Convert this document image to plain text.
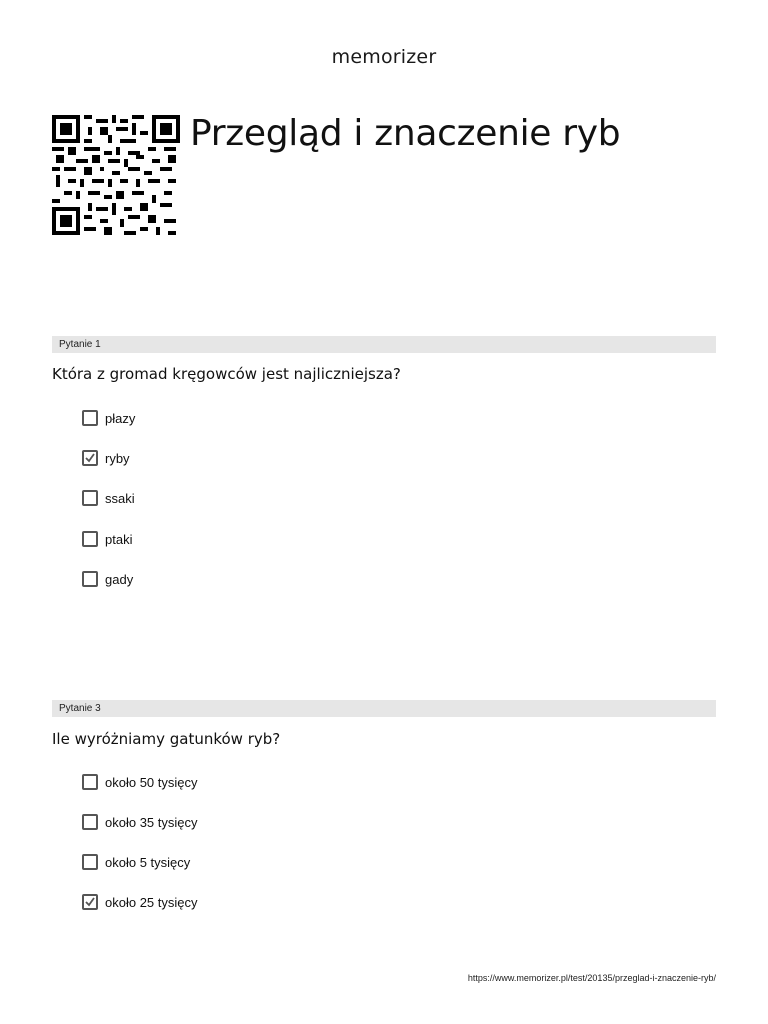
memorizer
Przegląd i znaczenie ryb
Pytanie 1
Która z gromad kręgowców jest najliczniejsza?
płazy
ryby
ssaki
ptaki
gady
Pytanie 3
Ile wyróżniamy gatunków ryb?
około 50 tysięcy
około 35 tysięcy
około 5 tysięcy
około 25 tysięcy
https://www.memorizer.pl/test/20135/przeglad-i-znaczenie-ryb/
